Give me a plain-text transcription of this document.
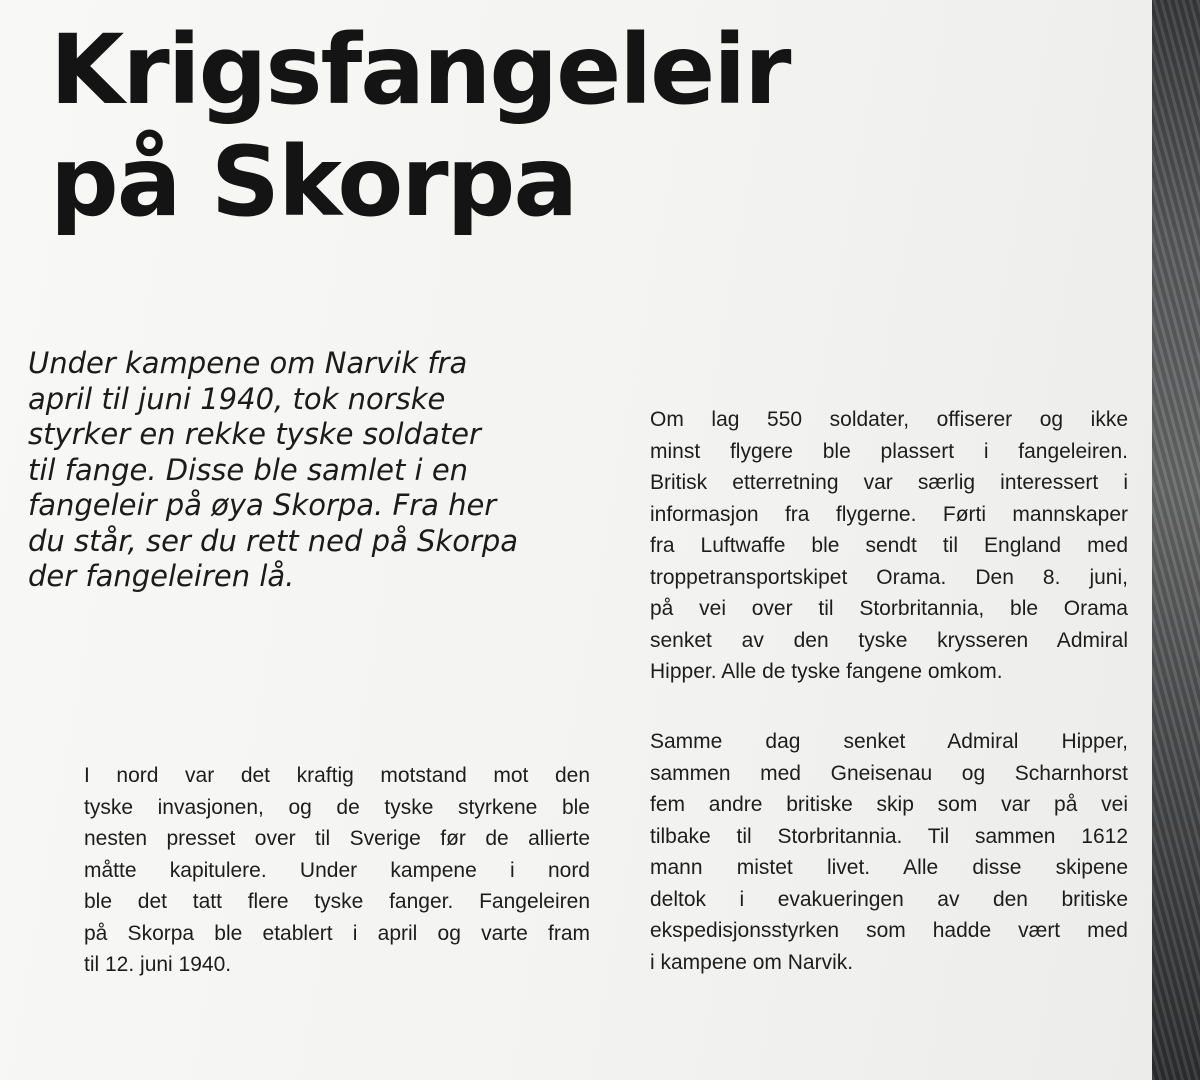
Krigsfangeleir
på Skorpa
Under kampene om Narvik fra
april til juni 1940, tok norske
styrker en rekke tyske soldater
til fange. Disse ble samlet i en
fangeleir på øya Skorpa. Fra her
du står, ser du rett ned på Skorpa
der fangeleiren lå.
Om lag 550 soldater, offiserer og ikke
minst flygere ble plassert i fangeleiren.
Britisk etterretning var særlig interessert i
informasjon fra flygerne. Førti mannskaper
fra Luftwaffe ble sendt til England med
troppetransportskipet Orama. Den 8. juni,
på vei over til Storbritannia, ble Orama
senket av den tyske krysseren Admiral
Hipper. Alle de tyske fangene omkom.
Samme dag senket Admiral Hipper,
sammen med Gneisenau og Scharnhorst
fem andre britiske skip som var på vei
tilbake til Storbritannia. Til sammen 1612
mann mistet livet. Alle disse skipene
deltok i evakueringen av den britiske
ekspedisjonsstyrken som hadde vært med
i kampene om Narvik.
I nord var det kraftig motstand mot den
tyske invasjonen, og de tyske styrkene ble
nesten presset over til Sverige før de allierte
måtte kapitulere. Under kampene i nord
ble det tatt flere tyske fanger. Fangeleiren
på Skorpa ble etablert i april og varte fram
til 12. juni 1940.
